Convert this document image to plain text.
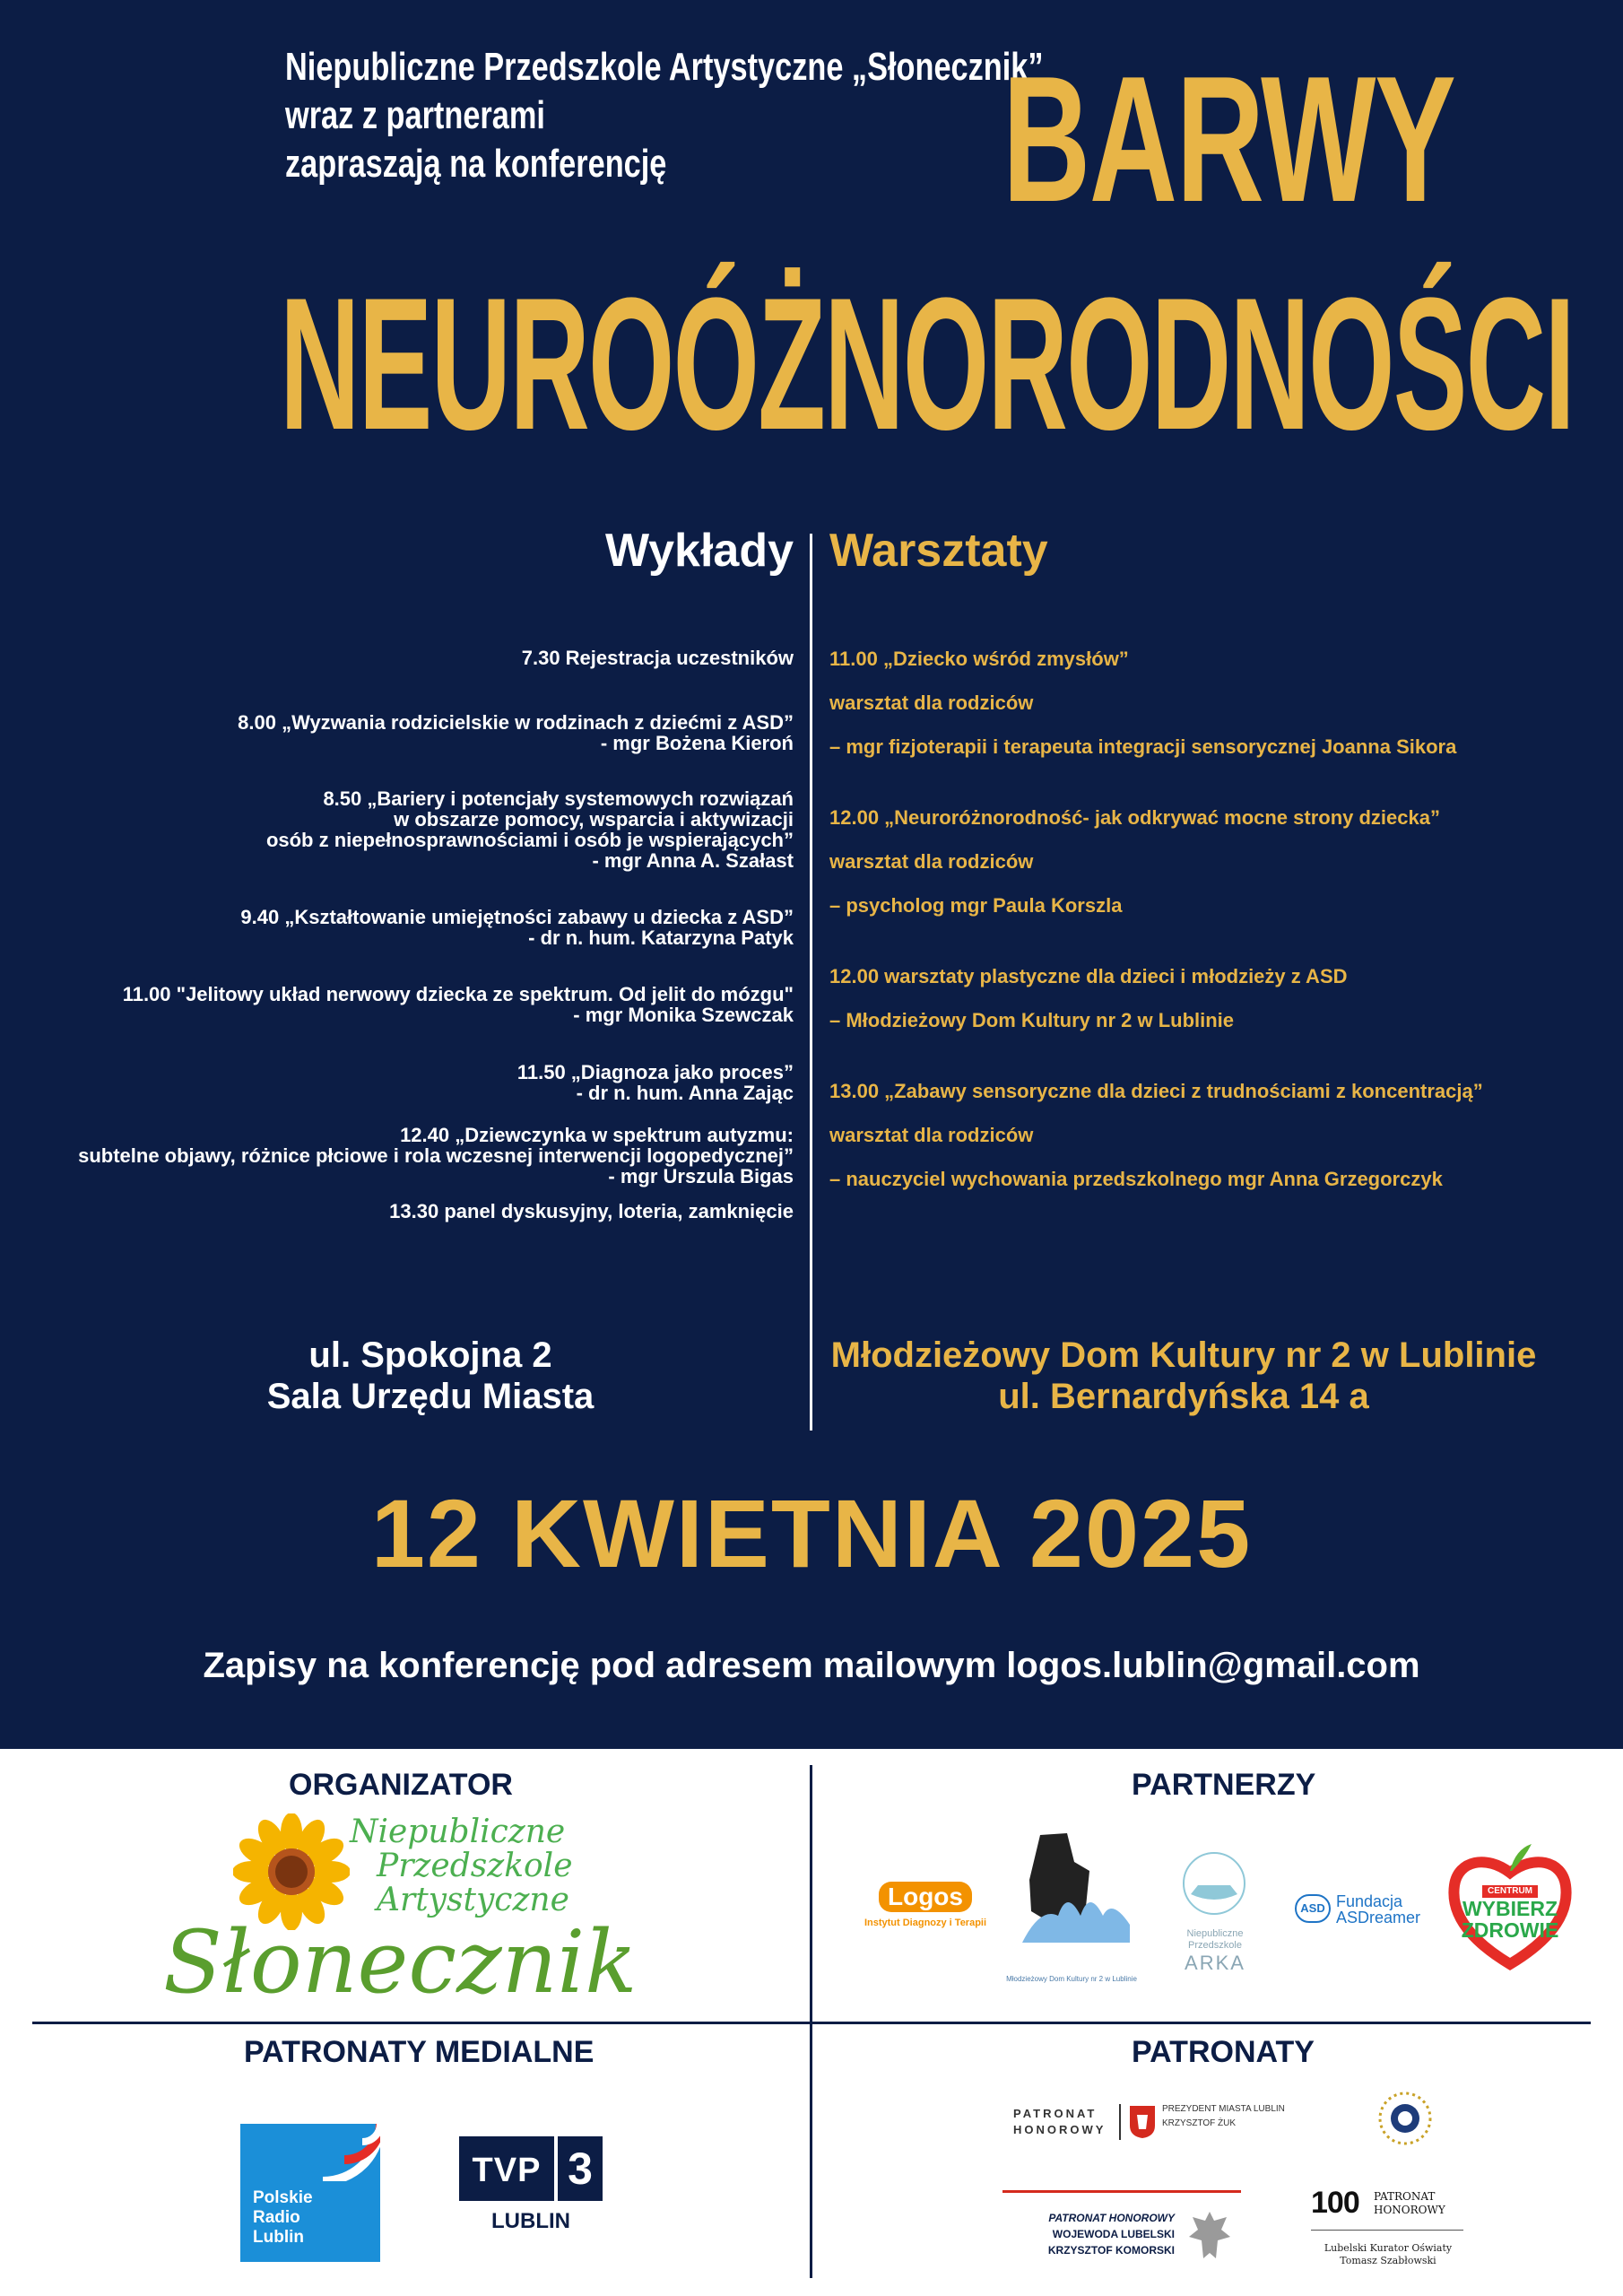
Niepubliczne Przedszkole Artystyczne „Słonecznik”
wraz z partnerami
zapraszają na konferencję	BARWY
NEUROÓŻNORODNOŚCI
Wykłady Warsztaty
7.30 Rejestracja uczestników
8.00 „Wyzwania rodzicielskie w rodzinach z dziećmi z ASD”
- mgr Bożena Kieroń
8.50 „Bariery i potencjały systemowych rozwiązań
w obszarze pomocy, wsparcia i aktywizacji
osób z niepełnosprawnościami i osób je wspierających”
- mgr Anna A. Szałast
9.40 „Kształtowanie umiejętności zabawy u dziecka z ASD”
- dr n. hum. Katarzyna Patyk
11.00 "Jelitowy układ nerwowy dziecka ze spektrum. Od jelit do mózgu"
- mgr Monika Szewczak
11.50 „Diagnoza jako proces”
- dr n. hum. Anna Zając
12.40 „Dziewczynka w spektrum autyzmu:
subtelne objawy, różnice płciowe i rola wczesnej interwencji logopedycznej”
- mgr Urszula Bigas
13.30 panel dyskusyjny, loteria, zamknięcie
11.00 „Dziecko wśród zmysłów”
warsztat dla rodziców
– mgr fizjoterapii i terapeuta integracji sensorycznej Joanna Sikora
12.00 „Neuroróżnorodność- jak odkrywać mocne strony dziecka”
warsztat dla rodziców
– psycholog mgr Paula Korszla
12.00 warsztaty plastyczne dla dzieci i młodzieży z ASD
– Młodzieżowy Dom Kultury nr 2 w Lublinie
13.00 „Zabawy sensoryczne dla dzieci z trudnościami z koncentracją”
warsztat dla rodziców
– nauczyciel wychowania przedszkolnego mgr Anna Grzegorczyk
ul. Spokojna 2
Sala Urzędu Miasta
Młodzieżowy Dom Kultury nr 2 w Lublinie
ul. Bernardyńska 14 a
12 KWIETNIA 2025
Zapisy na konferencję pod adresem mailowym logos.lublin@gmail.com
ORGANIZATOR	PARTNERZY
PATRONATY MEDIALNE	PATRONATY
Niepubliczne
Przedszkole
Artystyczne
Słonecznik
Logos
Instytut Diagnozy i Terapii
Młodzieżowy Dom Kultury nr 2 w Lublinie
Niepubliczne
Przedszkole
ARKA
ASD Fundacja
ASDreamer
CENTRUM
WYBIERZ
ZDROWIE
Polskie
Radio
Lublin
TVP 3
LUBLIN
PATRONAT
HONOROWY
PREZYDENT MIASTA LUBLIN
KRZYSZTOF ŻUK
PATRONAT HONOROWY
WOJEWODA LUBELSKI
KRZYSZTOF KOMORSKI
100 PATRONAT
HONOROWY
Lubelski Kurator Oświaty
Tomasz Szabłowski
